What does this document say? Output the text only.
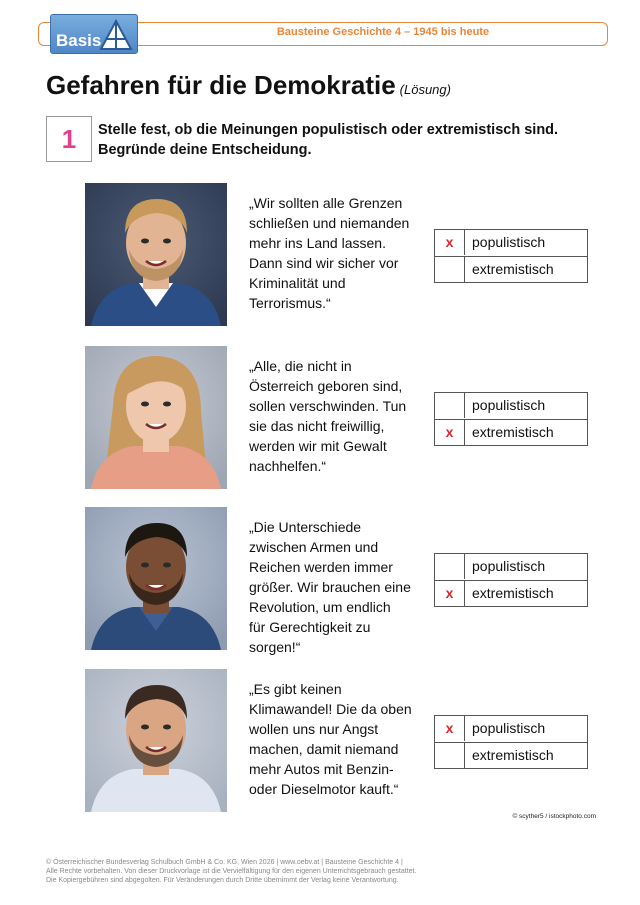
Bausteine Geschichte 4 – 1945 bis heute
Basis
Gefahren für die Demokratie (Lösung)
1 Stelle fest, ob die Meinungen populistisch oder extremistisch sind.
Begründe deine Entscheidung.
„Wir sollten alle Grenzen
schließen und niemanden
mehr ins Land lassen.
Dann sind wir sicher vor
Kriminalität und
Terrorismus.“
x	populistisch
extremistisch
„Alle, die nicht in
Österreich geboren sind,
sollen verschwinden. Tun
sie das nicht freiwillig,
werden wir mit Gewalt
nachhelfen.“
populistisch
x	extremistisch
„Die Unterschiede
zwischen Armen und
Reichen werden immer
größer. Wir brauchen eine
Revolution, um endlich
für Gerechtigkeit zu
sorgen!“
populistisch
x	extremistisch
„Es gibt keinen
Klimawandel! Die da oben
wollen uns nur Angst
machen, damit niemand
mehr Autos mit Benzin-
oder Dieselmotor kauft.“
x	populistisch
extremistisch
© scyther5 / istockphoto.com
© Österreichischer Bundesverlag Schulbuch GmbH & Co. KG, Wien 2026 | www.oebv.at | Bausteine Geschichte 4 |
Alle Rechte vorbehalten. Von dieser Druckvorlage ist die Vervielfältigung für den eigenen Unterrichtsgebrauch gestattet.
Die Kopiergebühren sind abgegolten. Für Veränderungen durch Dritte übernimmt der Verlag keine Verantwortung.
